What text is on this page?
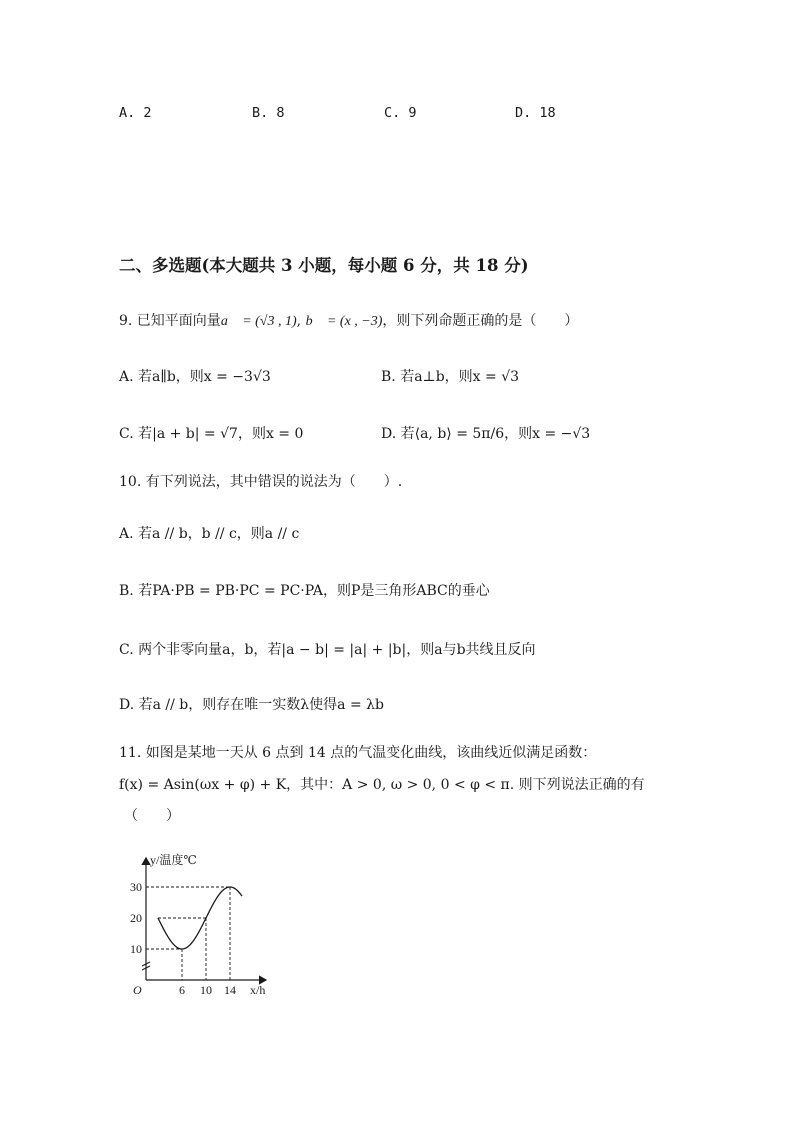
A. 2	B. 8	C. 9	D. 18
二、多选题(本大题共 3 小题，每小题 6 分，共 18 分)
9. 已知平面向量a⃗ = (√3 , 1), b⃗ = (x , −3)，则下列命题正确的是（　　）
A. 若a∥b，则x = −3√3	B. 若a⊥b，则x = √3
C. 若|a + b| = √7，则x = 0	D. 若⟨a, b⟩ = 5π/6，则x = −√3
10. 有下列说法，其中错误的说法为（　　）.
A. 若a // b，b // c，则a // c
B. 若PA·PB = PB·PC = PC·PA，则P是三角形ABC的垂心
C. 两个非零向量a，b，若|a − b| = |a| + |b|，则a与b共线且反向
D. 若a // b，则存在唯一实数λ使得a = λb
11. 如图是某地一天从 6 点到 14 点的气温变化曲线，该曲线近似满足函数：
f(x) = Asin(ωx + φ) + K，其中：A > 0, ω > 0, 0 < φ < π. 则下列说法正确的有
（　　）
10
20
30
6 10 14
O
y/温度℃
x/h
